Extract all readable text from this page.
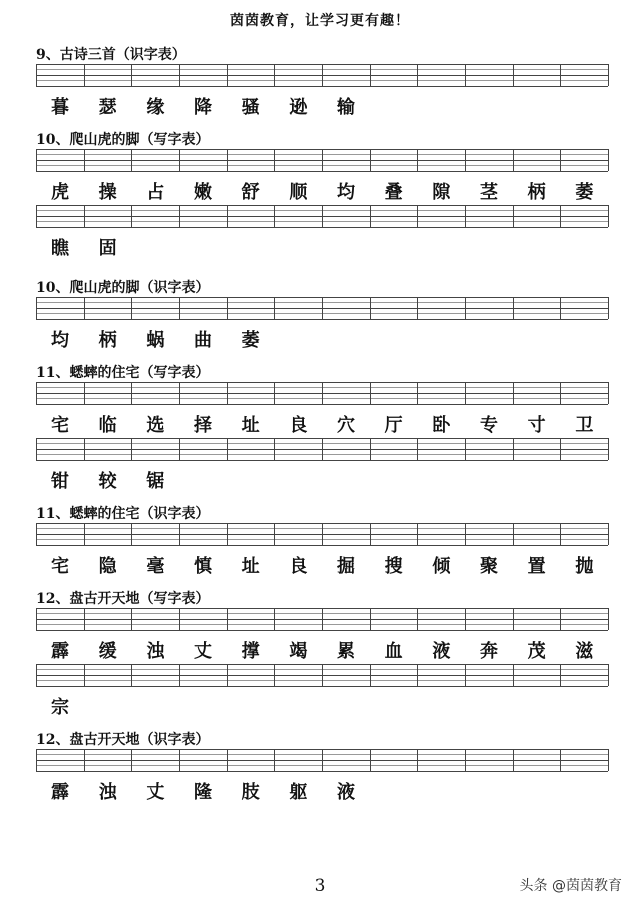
茵茵教育，让学习更有趣！
9、古诗三首（识字表）
暮	瑟	缘	降	骚	逊	输
10、爬山虎的脚（写字表）
虎	操	占	嫩	舒	顺	均	叠	隙	茎	柄	萎
瞧	固
10、爬山虎的脚（识字表）
均	柄	蜗	曲	萎
11、蟋蟀的住宅（写字表）
宅	临	选	择	址	良	穴	厅	卧	专	寸	卫
钳	较	锯
11、蟋蟀的住宅（识字表）
宅	隐	毫	慎	址	良	掘	搜	倾	聚	置	抛
12、盘古开天地（写字表）
霹	缓	浊	丈	撑	竭	累	血	液	奔	茂	滋
宗
12、盘古开天地（识字表）
霹	浊	丈	隆	肢	躯	液
3	头条 @茵茵教育
